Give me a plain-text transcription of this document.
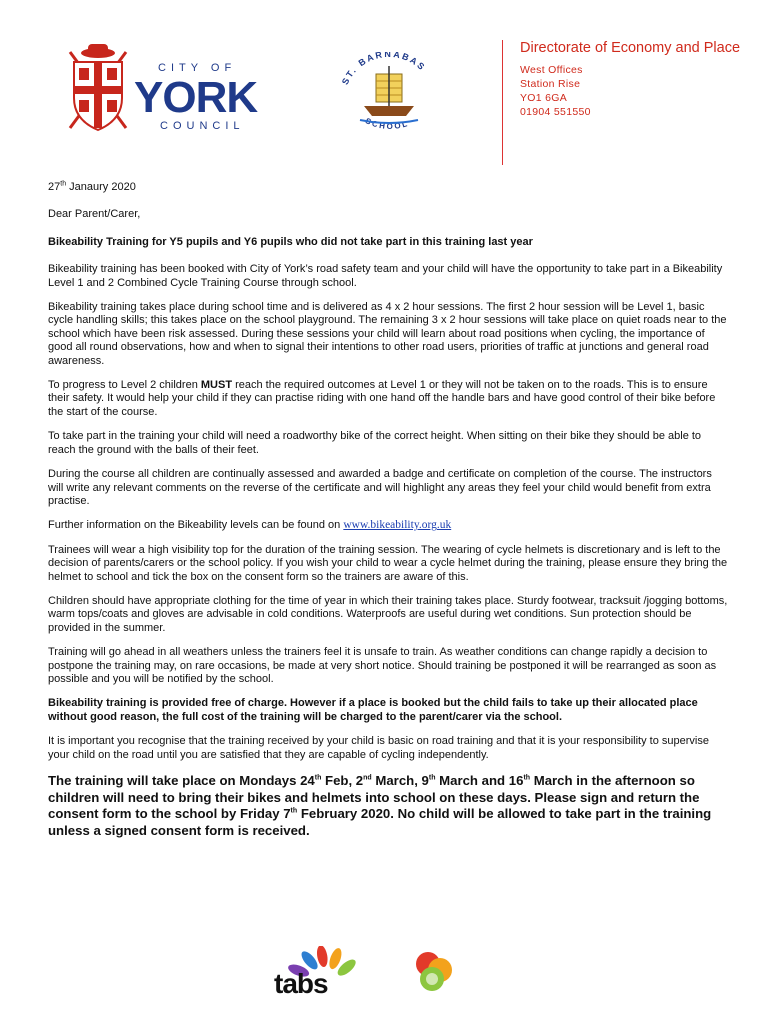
CITY OF
YORK
COUNCIL
ST. BARNABAS
SCHOOL

Directorate of Economy and Place

West Offices
Station Rise
YO1 6GA
01904 551550

27th Janaury 2020

Dear Parent/Carer,

Bikeability Training for Y5 pupils and Y6 pupils who did not take part in this training last year

Bikeability training has been booked with City of York’s road safety team and your child will have the opportunity to take part in a Bikeability Level 1 and 2 Combined Cycle Training Course through school.

Bikeability training takes place during school time and is delivered as 4 x 2 hour sessions. The first 2 hour session will be Level 1, basic cycle handling skills; this takes place on the school playground. The remaining 3 x 2 hour sessions will take place on quiet roads near to the school which have been risk assessed. During these sessions your child will learn about road positions when cycling, the importance of good all round observations, how and when to signal their intentions to other road users, priorities of traffic at junctions and general road awareness.

To progress to Level 2 children MUST reach the required outcomes at Level 1 or they will not be taken on to the roads. This is to ensure their safety. It would help your child if they can practise riding with one hand off the handle bars and have good control of their bike before the start of the course.

To take part in the training your child will need a roadworthy bike of the correct height. When sitting on their bike they should be able to reach the ground with the balls of their feet.

During the course all children are continually assessed and awarded a badge and certificate on completion of the course. The instructors will write any relevant comments on the reverse of the certificate and will highlight any areas they feel your child would benefit from extra practise.

Further information on the Bikeability levels can be found on www.bikeability.org.uk

Trainees will wear a high visibility top for the duration of the training session. The wearing of cycle helmets is discretionary and is left to the decision of parents/carers or the school policy. If you wish your child to wear a cycle helmet during the training, please ensure they bring the helmet to school and tick the box on the consent form so the trainers are aware of this.

Children should have appropriate clothing for the time of year in which their training takes place. Sturdy footwear, tracksuit /jogging bottoms, warm tops/coats and gloves are advisable in cold conditions. Waterproofs are useful during wet conditions. Sun protection should be provided in the summer.

Training will go ahead in all weathers unless the trainers feel it is unsafe to train. As weather conditions can change rapidly a decision to postpone the training may, on rare occasions, be made at very short notice. Should training be postponed it will be rearranged as soon as possible and you will be notified by the school.

Bikeability training is provided free of charge. However if a place is booked but the child fails to take up their allocated place without good reason, the full cost of the training will be charged to the parent/carer via the school.

It is important you recognise that the training received by your child is basic on road training and that it is your responsibility to supervise your child on the road until you are satisfied that they are capable of cycling independently.

The training will take place on Mondays 24th Feb, 2nd March, 9th March and 16th March in the afternoon so children will need to bring their bikes and helmets into school on these days. Please sign and return the consent form to the school by Friday 7th February 2020. No child will be allowed to take part in the training unless a signed consent form is received.

tabs
